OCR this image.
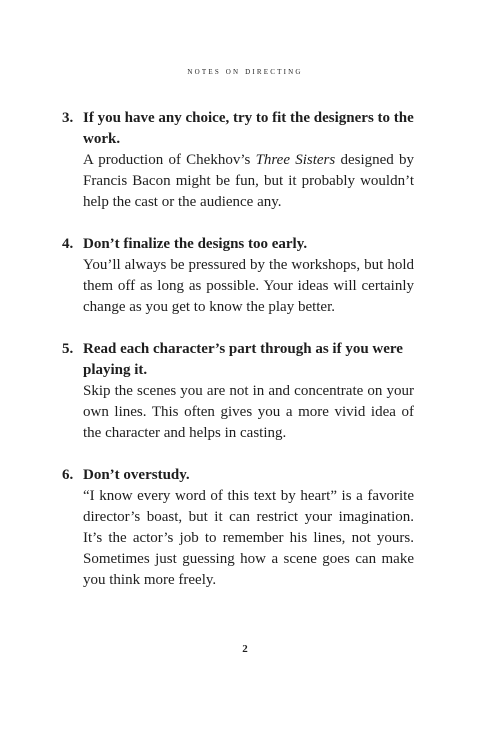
notes on directing
3. If you have any choice, try to fit the designers to the work.
A production of Chekhov’s Three Sisters designed by Francis Bacon might be fun, but it probably wouldn’t help the cast or the audience any.
4. Don’t finalize the designs too early.
You’ll always be pressured by the workshops, but hold them off as long as possible. Your ideas will certainly change as you get to know the play better.
5. Read each character’s part through as if you were playing it.
Skip the scenes you are not in and concentrate on your own lines. This often gives you a more vivid idea of the character and helps in casting.
6. Don’t overstudy.
“I know every word of this text by heart” is a favorite director’s boast, but it can restrict your imagination. It’s the actor’s job to remember his lines, not yours. Sometimes just guessing how a scene goes can make you think more freely.
2
